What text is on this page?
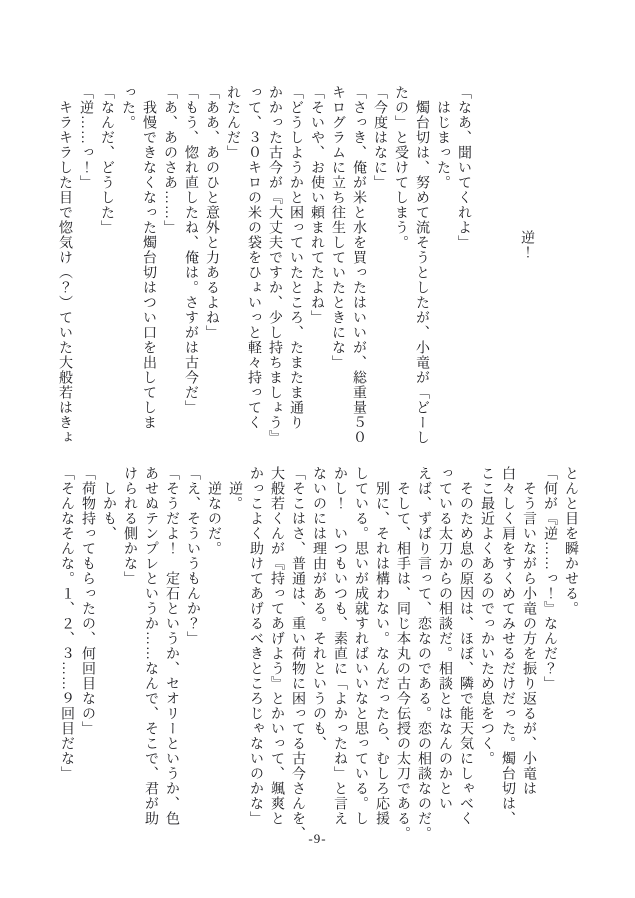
逆！
「なあ、聞いてくれよ」
　はじまった。
　燭台切は、努めて流そうとしたが、小竜が「どーし
たの」と受けてしまう。
「今度はなに」
「さっき、俺が米と水を買ったはいいが、総重量５０
キログラムに立ち往生していたときにな」
「そいや、お使い頼まれてたよね」
「どうしようかと困っていたところ、たまたま通り
かかった古今が『大丈夫ですか、少し持ちましょう』
って、３０キロの米の袋をひょいっと軽々持ってく
れたんだ」
「ああ、あのひと意外と力あるよね」
「もう、惚れ直したね、俺は。さすがは古今だ」
「あ、あのさあ……」
　我慢できなくなった燭台切はつい口を出してしま
った。
「なんだ、どうした」
「逆……っ！」
　キラキラした目で惚気け（？）ていた大般若はきょ
とんと目を瞬かせる。
「何が『逆……っ！』なんだ？」
　そう言いながら小竜の方を振り返るが、小竜は
白々しく肩をすくめてみせるだけだった。燭台切は、
ここ最近よくあるのでっかいため息をつく。
　そのため息の原因は、ほぼ、隣で能天気にしゃべく
っている太刀からの相談だ。相談とはなんのかとい
えば、ずばり言って、恋なのである。恋の相談なのだ。
　そして、相手は、同じ本丸の古今伝授の太刀である。
　別に、それは構わない。なんだったら、むしろ応援
している。思いが成就すればいいなと思っている。し
かし！　いつもいつも、素直に「よかったね」と言え
ないのには理由がある。それというのも、
「そこはさ、普通は、重い荷物に困ってる古今さんを、
大般若くんが『持ってあげよう』とかいって、颯爽と
かっこよく助けてあげるべきところじゃないのかな」
　逆。
　逆なのだ。
「え、そういうもんか？」
「そうだよ！　定石というか、セオリーというか、色
あせぬテンプレというか……なんで、そこで、君が助
けられる側かな」
　しかも、
「荷物持ってもらったの、何回目なの」
「そんなそんな。１、２、３……９回目だな」
-9-
